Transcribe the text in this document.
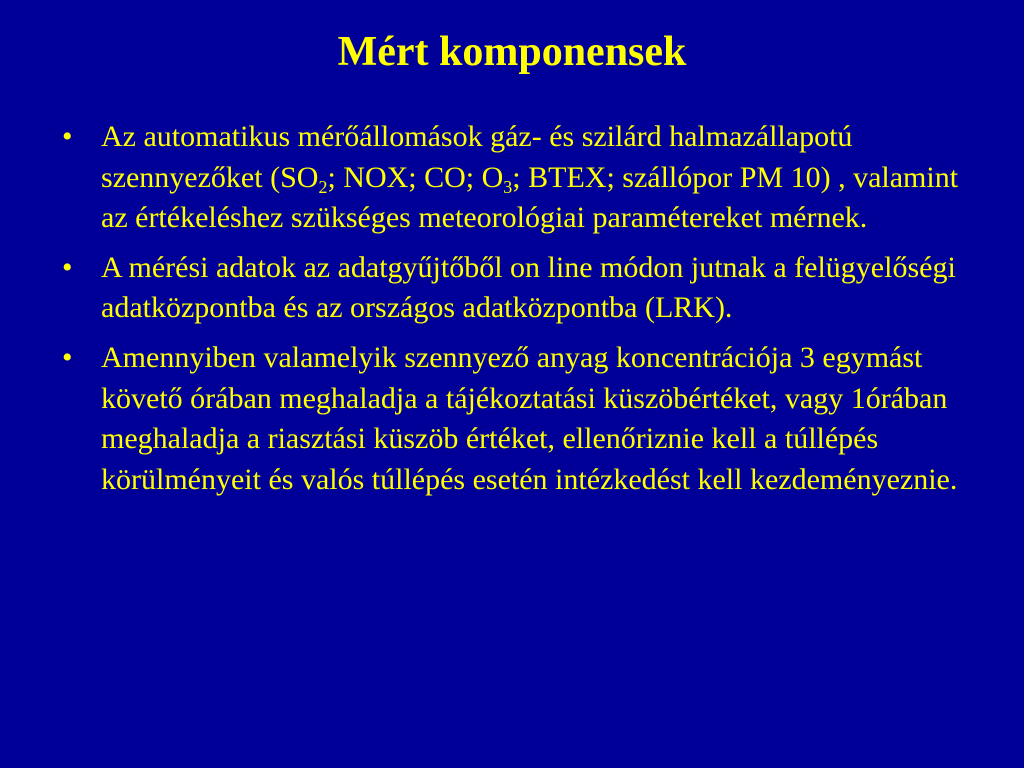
Mért komponensek
• Az automatikus mérőállomások gáz- és szilárd halmazállapotú szennyezőket ($SO_2$; NOX; CO; $O_3$; BTEX; szállópor PM 10) , valamint az értékeléshez szükséges meteorológiai paramétereket mérnek.
• A mérési adatok az adatgyűjtőből on line módon jutnak a felügyelőségi adatközpontba és az országos adatközpontba (LRK).
• Amennyiben valamelyik szennyező anyag koncentrációja 3 egymást követő órában meghaladja a tájékoztatási küszöbértéket, vagy 1órában meghaladja a riasztási küszöb értéket, ellenőriznie kell a túllépés körülményeit és valós túllépés esetén intézkedést kell kezdeményeznie.
